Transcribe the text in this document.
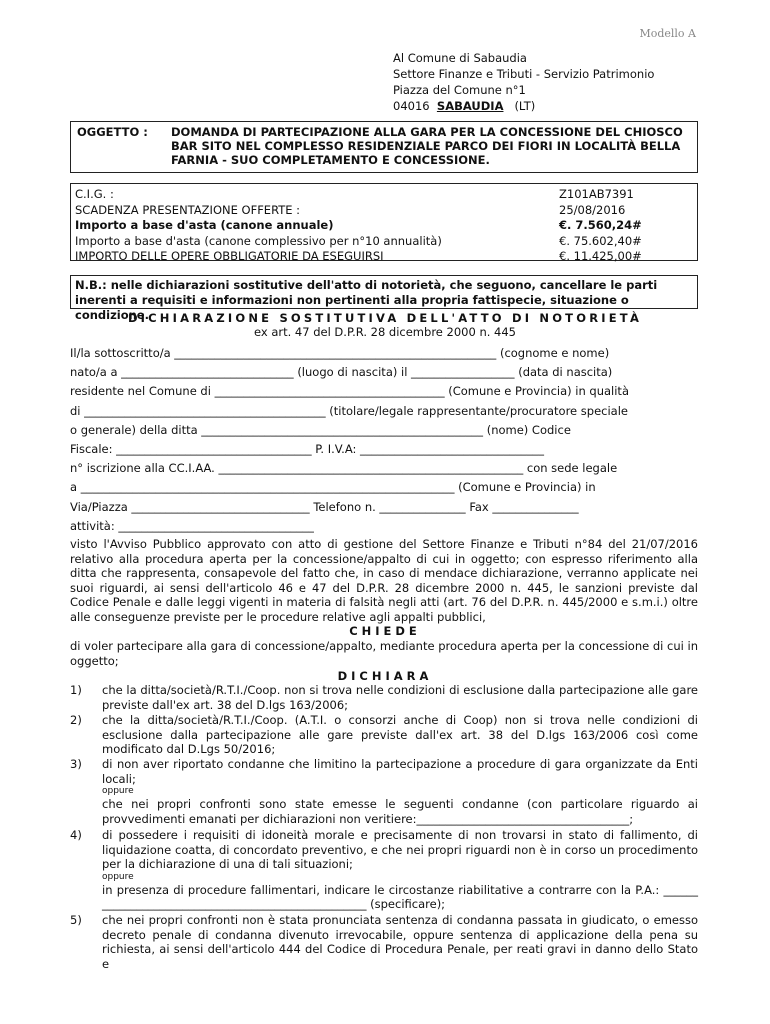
Modello A
Al Comune di Sabaudia
Settore Finanze e Tributi - Servizio Patrimonio
Piazza del Comune n°1
04016 SABAUDIA (LT)
OGGETTO :	DOMANDA DI PARTECIPAZIONE ALLA GARA PER LA CONCESSIONE DEL CHIOSCO BAR SITO NEL COMPLESSO RESIDENZIALE PARCO DEI FIORI IN LOCALITÀ BELLA FARNIA - SUO COMPLETAMENTO E CONCESSIONE.
C.I.G. :	Z101AB7391
SCADENZA PRESENTAZIONE OFFERTE :	25/08/2016
Importo a base d'asta (canone annuale)	€. 7.560,24#
Importo a base d'asta (canone complessivo per n°10 annualità)	€. 75.602,40#
IMPORTO DELLE OPERE OBBLIGATORIE DA ESEGUIRSI	€. 11.425,00#
N.B.: nelle dichiarazioni sostitutive dell'atto di notorietà, che seguono, cancellare le parti inerenti a requisiti e informazioni non pertinenti alla propria fattispecie, situazione o condizione.
DICHIARAZIONE SOSTITUTIVA DELL'ATTO DI NOTORIETÀ
ex art. 47 del D.P.R. 28 dicembre 2000 n. 445
Il/la sottoscritto/a ________________________________________________________ (cognome e nome)
nato/a a ______________________________ (luogo di nascita) il __________________ (data di nascita)
residente nel Comune di ________________________________________ (Comune e Provincia) in qualità
di __________________________________________ (titolare/legale rappresentante/procuratore speciale
o generale) della ditta _________________________________________________ (nome) Codice
Fiscale: __________________________________ P. I.V.A: ________________________________
n° iscrizione alla CC.I.AA. _____________________________________________________ con sede legale
a _________________________________________________________________ (Comune e Provincia) in
Via/Piazza _______________________________ Telefono n. _______________ Fax _______________
attività: __________________________________
visto l'Avviso Pubblico approvato con atto di gestione del Settore Finanze e Tributi n°84 del 21/07/2016 relativo alla procedura aperta per la concessione/appalto di cui in oggetto; con espresso riferimento alla ditta che rappresenta, consapevole del fatto che, in caso di mendace dichiarazione, verranno applicate nei suoi riguardi, ai sensi dell'articolo 46 e 47 del D.P.R. 28 dicembre 2000 n. 445, le sanzioni previste dal Codice Penale e dalle leggi vigenti in materia di falsità negli atti (art. 76 del D.P.R. n. 445/2000 e s.m.i.) oltre alle conseguenze previste per le procedure relative agli appalti pubblici,
CHIEDE
di voler partecipare alla gara di concessione/appalto, mediante procedura aperta per la concessione di cui in oggetto;
DICHIARA
1)	che la ditta/società/R.T.I./Coop. non si trova nelle condizioni di esclusione dalla partecipazione alle gare previste dall'ex art. 38 del D.lgs 163/2006;
2)	che la ditta/società/R.T.I./Coop. (A.T.I. o consorzi anche di Coop) non si trova nelle condizioni di esclusione dalla partecipazione alle gare previste dall'ex art. 38 del D.lgs 163/2006 così come modificato dal D.Lgs 50/2016;
3)	di non aver riportato condanne che limitino la partecipazione a procedure di gara organizzate da Enti locali;
oppure
che nei propri confronti sono state emesse le seguenti condanne (con particolare riguardo ai provvedimenti emanati per dichiarazioni non veritiere:_____________________________________;
4)	di possedere i requisiti di idoneità morale e precisamente di non trovarsi in stato di fallimento, di liquidazione coatta, di concordato preventivo, e che nei propri riguardi non è in corso un procedimento per la dichiarazione di una di tali situazioni;
oppure
in presenza di procedure fallimentari, indicare le circostanze riabilitative a contrarre con la P.A.: ______ ______________________________________________ (specificare);
5)	che nei propri confronti non è stata pronunciata sentenza di condanna passata in giudicato, o emesso decreto penale di condanna divenuto irrevocabile, oppure sentenza di applicazione della pena su richiesta, ai sensi dell'articolo 444 del Codice di Procedura Penale, per reati gravi in danno dello Stato e
